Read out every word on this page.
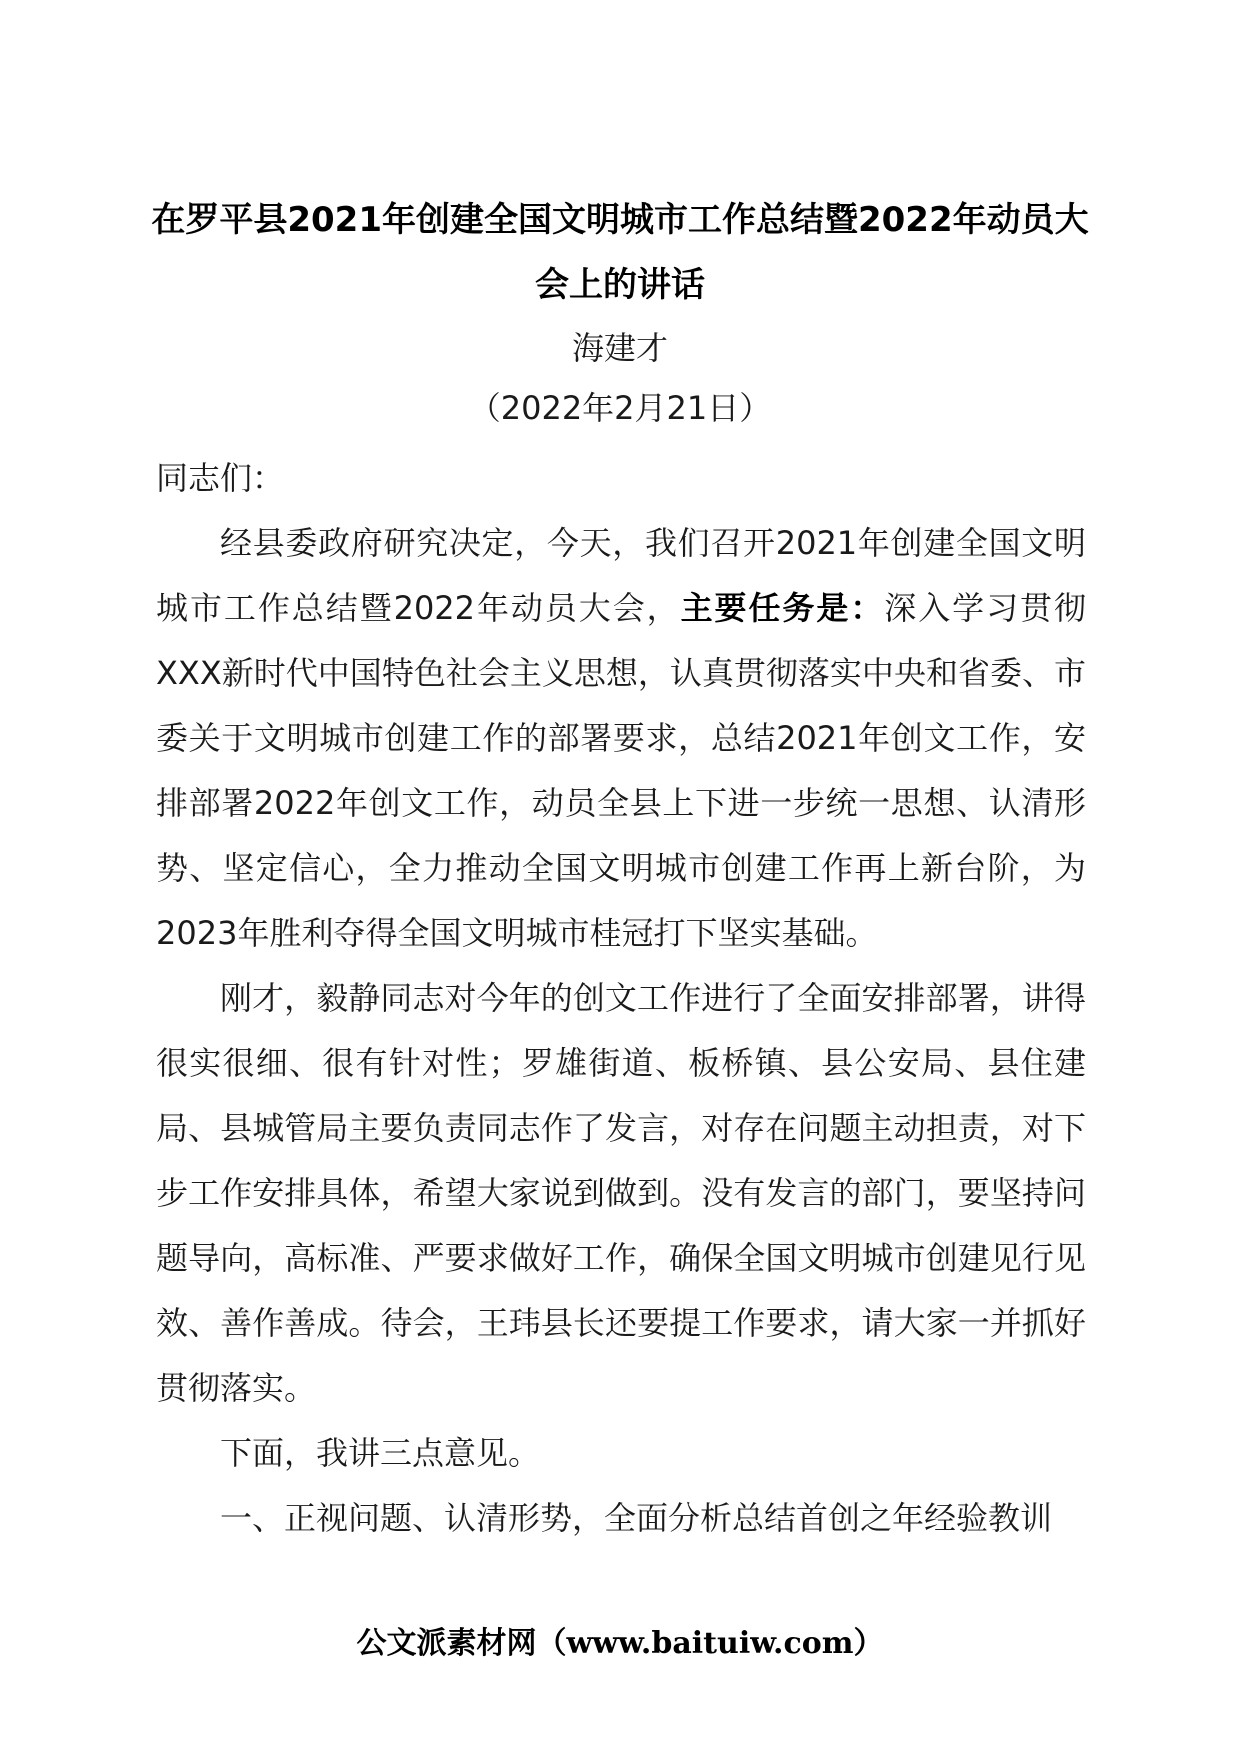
在罗平县2021年创建全国文明城市工作总结暨2022年动员大会上的讲话
海建才
（2022年2月21日）

同志们：

经县委政府研究决定，今天，我们召开2021年创建全国文明城市工作总结暨2022年动员大会，主要任务是：深入学习贯彻XXX新时代中国特色社会主义思想，认真贯彻落实中央和省委、市委关于文明城市创建工作的部署要求，总结2021年创文工作，安排部署2022年创文工作，动员全县上下进一步统一思想、认清形势、坚定信心，全力推动全国文明城市创建工作再上新台阶，为2023年胜利夺得全国文明城市桂冠打下坚实基础。

刚才，毅静同志对今年的创文工作进行了全面安排部署，讲得很实很细、很有针对性；罗雄街道、板桥镇、县公安局、县住建局、县城管局主要负责同志作了发言，对存在问题主动担责，对下步工作安排具体，希望大家说到做到。没有发言的部门，要坚持问题导向，高标准、严要求做好工作，确保全国文明城市创建见行见效、善作善成。待会，王玮县长还要提工作要求，请大家一并抓好贯彻落实。

下面，我讲三点意见。

一、正视问题、认清形势，全面分析总结首创之年经验教训

公文派素材网（www.baituiw.com）
